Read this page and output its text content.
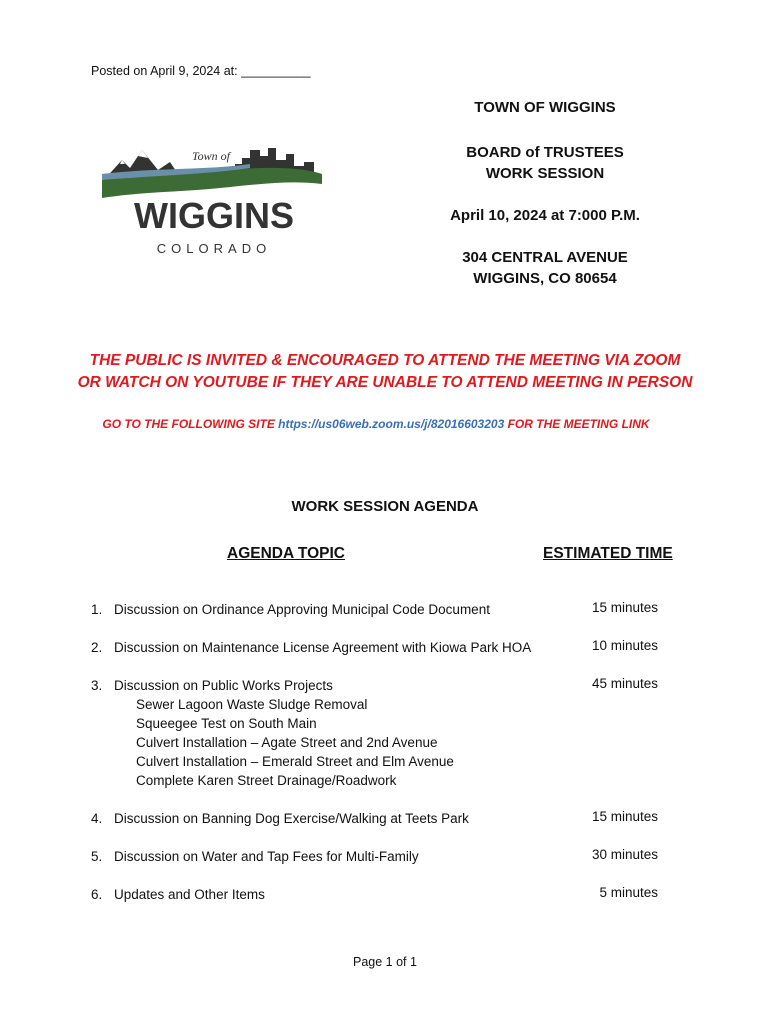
Posted on April 9, 2024 at: __________
TOWN OF WIGGINS
BOARD of TRUSTEES
WORK SESSION
April 10, 2024 at 7:000 P.M.
304 CENTRAL AVENUE
WIGGINS, CO 80654
Town of
WIGGINS
COLORADO
THE PUBLIC IS INVITED & ENCOURAGED TO ATTEND THE MEETING VIA ZOOM
OR WATCH ON YOUTUBE IF THEY ARE UNABLE TO ATTEND MEETING IN PERSON
GO TO THE FOLLOWING SITE https://us06web.zoom.us/j/82016603203 FOR THE MEETING LINK
WORK SESSION AGENDA
AGENDA TOPIC	ESTIMATED TIME
1. Discussion on Ordinance Approving Municipal Code Document	15 minutes
2. Discussion on Maintenance License Agreement with Kiowa Park HOA	10 minutes
3. Discussion on Public Works Projects	45 minutes
Sewer Lagoon Waste Sludge Removal
Squeegee Test on South Main
Culvert Installation – Agate Street and 2nd Avenue
Culvert Installation – Emerald Street and Elm Avenue
Complete Karen Street Drainage/Roadwork
4. Discussion on Banning Dog Exercise/Walking at Teets Park	15 minutes
5. Discussion on Water and Tap Fees for Multi-Family	30 minutes
6. Updates and Other Items	5 minutes
Page 1 of 1
